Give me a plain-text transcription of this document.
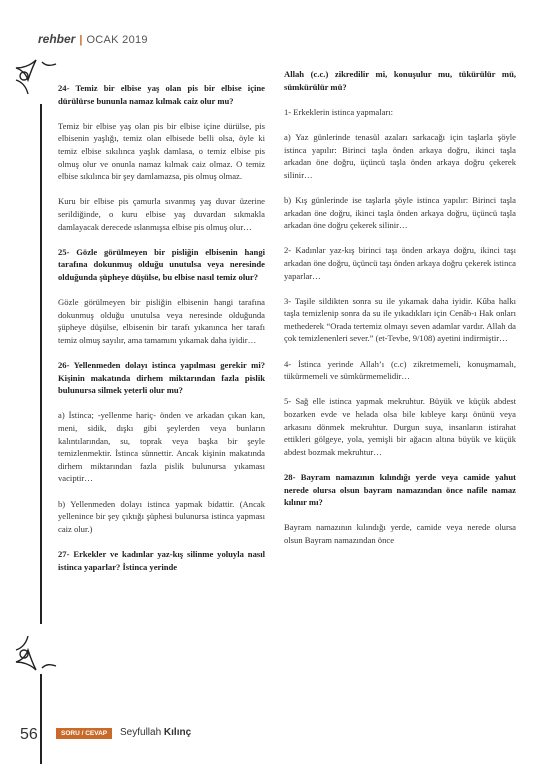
rehber | OCAK 2019

24- Temiz bir elbise yaş olan pis bir elbise içine dürülürse bununla namaz kılmak caiz olur mu?

Temiz bir elbise yaş olan pis bir elbise içine dürülse, pis elbisenin yaşlığı, temiz olan elbisede belli olsa, öyle ki temiz elbise sıkılınca yaşlık damlasa, o temiz elbise pis olmuş olur ve onunla namaz kılmak caiz olmaz. O temiz elbise sıkılınca bir şey damlamazsa, pis olmuş olmaz.

Kuru bir elbise pis çamurla sıvanmış yaş duvar üzerine serildiğinde, o kuru elbise yaş duvardan sıkmakla damlayacak derecede ıslanmışsa elbise pis olmuş olur…

25- Gözle görülmeyen bir pisliğin elbisenin hangi tarafına dokunmuş olduğu unutulsa veya neresinde olduğunda şüpheye düşülse, bu elbise nasıl temiz olur?

Gözle görülmeyen bir pisliğin elbisenin hangi tarafına dokunmuş olduğu unutulsa veya neresinde olduğunda şüpheye düşülse, elbisenin bir tarafı yıkanınca her tarafı temiz olmuş sayılır, ama tamamını yıkamak daha iyidir…

26- Yellenmeden dolayı istinca yapılması gerekir mi? Kişinin makatında dirhem miktarından fazla pislik bulunursa silmek yeterli olur mu?

a) İstinca; -yellenme hariç- önden ve arkadan çıkan kan, meni, sidik, dışkı gibi şeylerden veya bunların kalıntılarından, su, toprak veya başka bir şeyle temizlenmektir. İstinca sünnettir. Ancak kişinin makatında dirhem miktarından fazla pislik bulunursa yıkaması vaciptir…

b) Yellenmeden dolayı istinca yapmak bidattir. (Ancak yellenince bir şey çıktığı şüphesi bulunursa istinca yapması caiz olur.)

27- Erkekler ve kadınlar yaz-kış silinme yoluyla nasıl istinca yaparlar? İstinca yerinde

Allah (c.c.) zikredilir mi, konuşulur mu, tükürülür mü, sümkürülür mü?

1- Erkeklerin istinca yapmaları:

a) Yaz günlerinde tenasül azaları sarkacağı için taşlarla şöyle istinca yapılır: Birinci taşla önden arkaya doğru, ikinci taşla arkadan öne doğru, üçüncü taşla önden arkaya doğru çekerek silinir…

b) Kış günlerinde ise taşlarla şöyle istinca yapılır: Birinci taşla arkadan öne doğru, ikinci taşla önden arkaya doğru, üçüncü taşla arkadan öne doğru çekerek silinir…

2- Kadınlar yaz-kış birinci taşı önden arkaya doğru, ikinci taşı arkadan öne doğru, üçüncü taşı önden arkaya doğru çekerek istinca yaparlar…

3- Taşile sildikten sonra su ile yıkamak daha iyidir. Kûba halkı taşla temizlenip sonra da su ile yıkadıkları için Cenâb-ı Hak onları methederek “Orada tertemiz olmayı seven adamlar vardır. Allah da çok temizlenenleri sever.” (et-Tevbe, 9/108) ayetini indirmiştir…

4- İstinca yerinde Allah’ı (c.c) zikretmemeli, konuşmamalı, tükürmemeli ve sümkürmemelidir…

5- Sağ elle istinca yapmak mekruhtur. Büyük ve küçük abdest bozarken evde ve helada olsa bile kıbleye karşı önünü veya arkasını dönmek mekruhtur. Durgun suya, insanların istirahat ettikleri gölgeye, yola, yemişli bir ağacın altına büyük ve küçük abdest bozmak mekruhtur…

28- Bayram namazının kılındığı yerde veya camide yahut nerede olursa olsun bayram namazından önce nafile namaz kılınır mı?

Bayram namazının kılındığı yerde, camide veya nerede olursa olsun Bayram namazından önce

56	SORU / CEVAP	Seyfullah Kılınç
